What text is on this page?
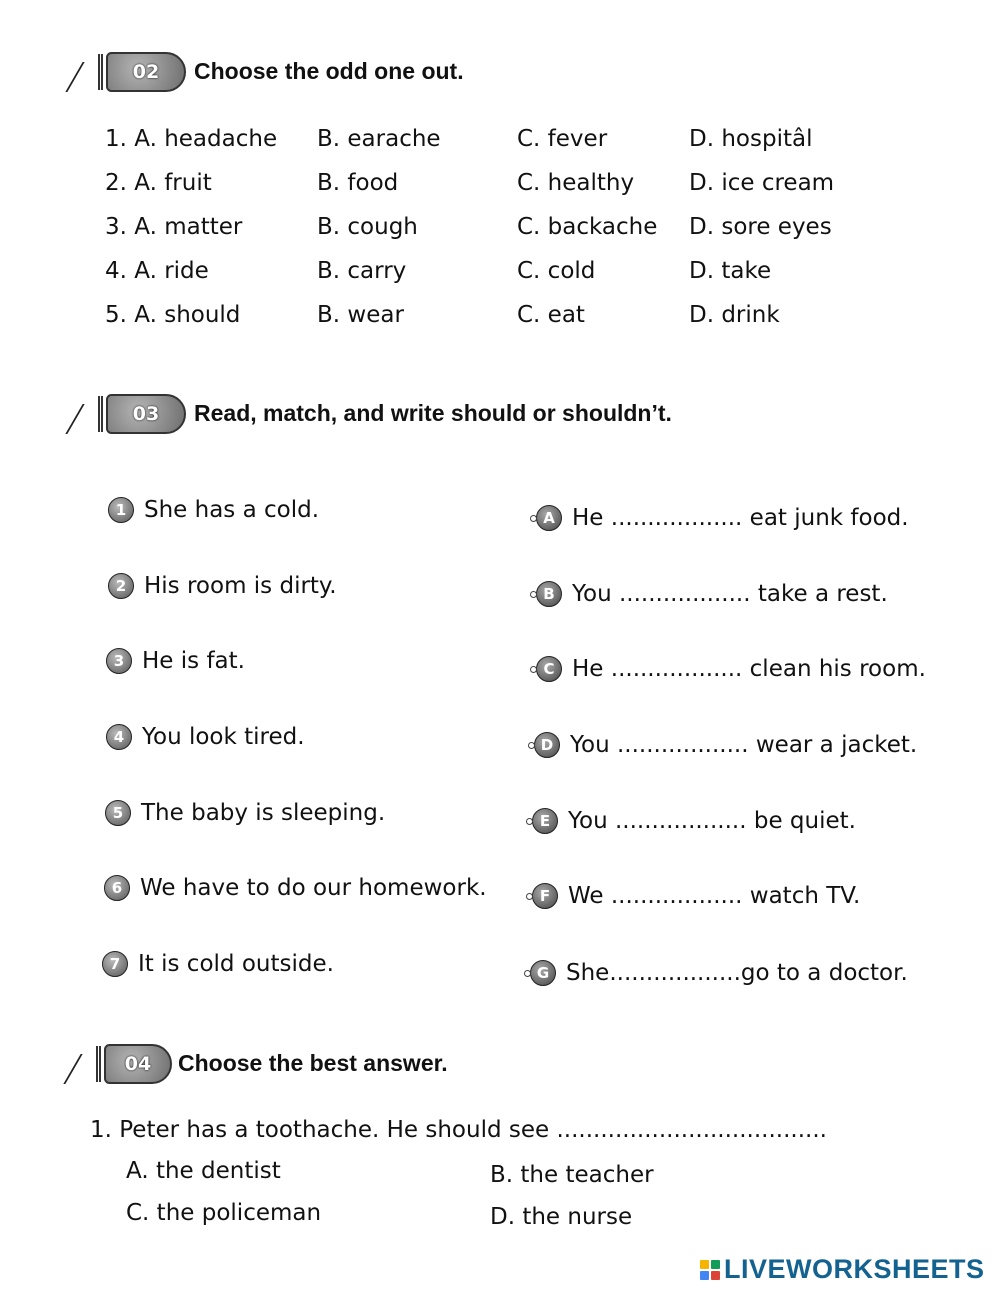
02	Choose the odd one out.
1. A. headache B. earache	C. fever	D. hospitâl
2. A. fruit	B. food	C. healthy D. ice cream
3. A. matter	B. cough	C. backache D. sore eyes
4. A. ride	B. carry	C. cold	D. take
5. A. should	B. wear	C. eat	D. drink
03	Read, match, and write should or shouldn’t.
1 She has a cold.
2 His room is dirty.
3 He is fat.
4 You look tired.
5 The baby is sleeping.
6 We have to do our homework.
7 It is cold outside.
A He .................. eat junk food.
B You .................. take a rest.
C He .................. clean his room.
D You .................. wear a jacket.
E You .................. be quiet.
F We .................. watch TV.
G She..................go to a doctor.
04	Choose the best answer.
1. Peter has a toothache. He should see .....................................
A. the dentist	B. the teacher
C. the policeman	D. the nurse
LIVEWORKSHEETS
